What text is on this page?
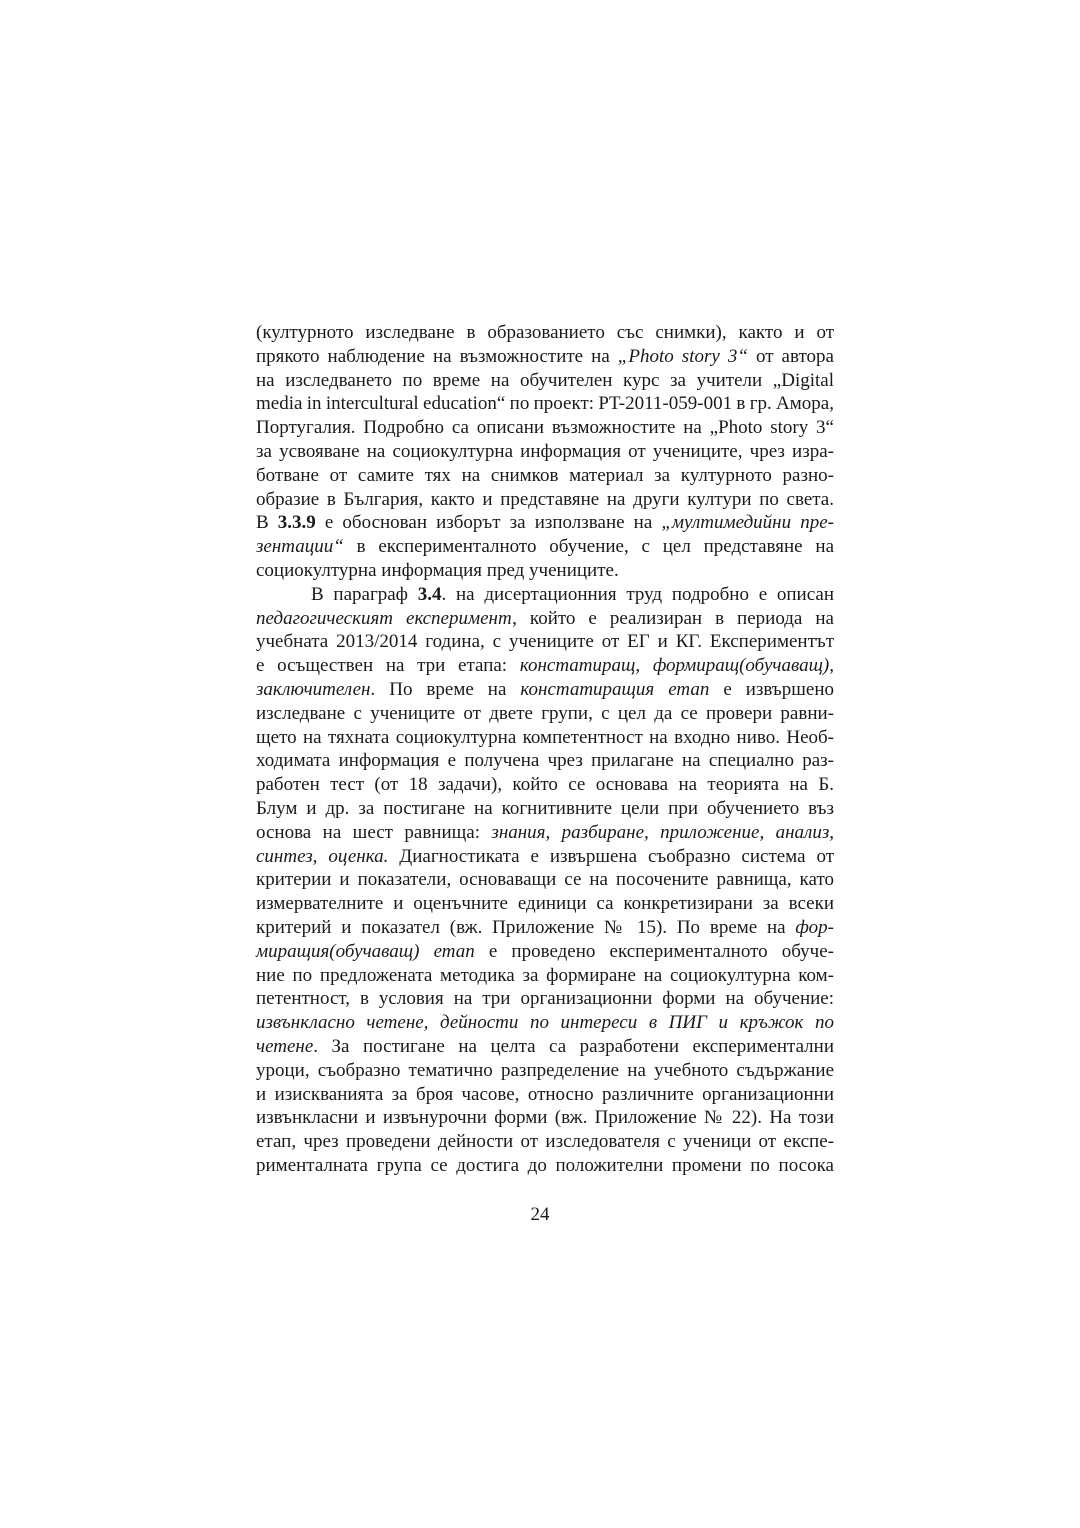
(културното изследване в образованието със снимки), както и от
прякото наблюдение на възможностите на „Photo story 3“ от автора
на изследването по време на обучителен курс за учители „Digital
media in intercultural education“ по проект: PT-2011-059-001 в гр. Амора,
Португалия. Подробно са описани възможностите на „Photo story 3“
за усвояване на социокултурна информация от учениците, чрез изра-
ботване от самите тях на снимков материал за културното разно-
образие в България, както и представяне на други култури по света.
В 3.3.9 е обоснован изборът за използване на „мултимедийни пре-
зентации“ в експерименталното обучение, с цел представяне на
социокултурна информация пред учениците.
В параграф 3.4. на дисертационния труд подробно е описан
педагогическият експеримент, който е реализиран в периода на
учебната 2013/2014 година, с учениците от ЕГ и КГ. Експериментът
е осъществен на три етапа: констатиращ, формиращ(обучаващ),
заключителен. По време на констатиращия етап е извършено
изследване с учениците от двете групи, с цел да се провери равни-
щето на тяхната социокултурна компетентност на входно ниво. Необ-
ходимата информация е получена чрез прилагане на специално раз-
работен тест (от 18 задачи), който се основава на теорията на Б.
Блум и др. за постигане на когнитивните цели при обучението въз
основа на шест равнища: знания, разбиране, приложение, анализ,
синтез, оценка. Диагностиката е извършена съобразно система от
критерии и показатели, основаващи се на посочените равнища, като
измервателните и оценъчните единици са конкретизирани за всеки
критерий и показател (вж. Приложение № 15). По време на фор-
миращия(обучаващ) етап е проведено експерименталното обуче-
ние по предложената методика за формиране на социокултурна ком-
петентност, в условия на три организационни форми на обучение:
извънкласно четене, дейности по интереси в ПИГ и кръжок по
четене. За постигане на целта са разработени експериментални
уроци, съобразно тематично разпределение на учебното съдържание
и изискванията за броя часове, относно различните организационни
извънкласни и извънурочни форми (вж. Приложение № 22). На този
етап, чрез проведени дейности от изследователя с ученици от експе-
рименталната група се достига до положителни промени по посока
24
